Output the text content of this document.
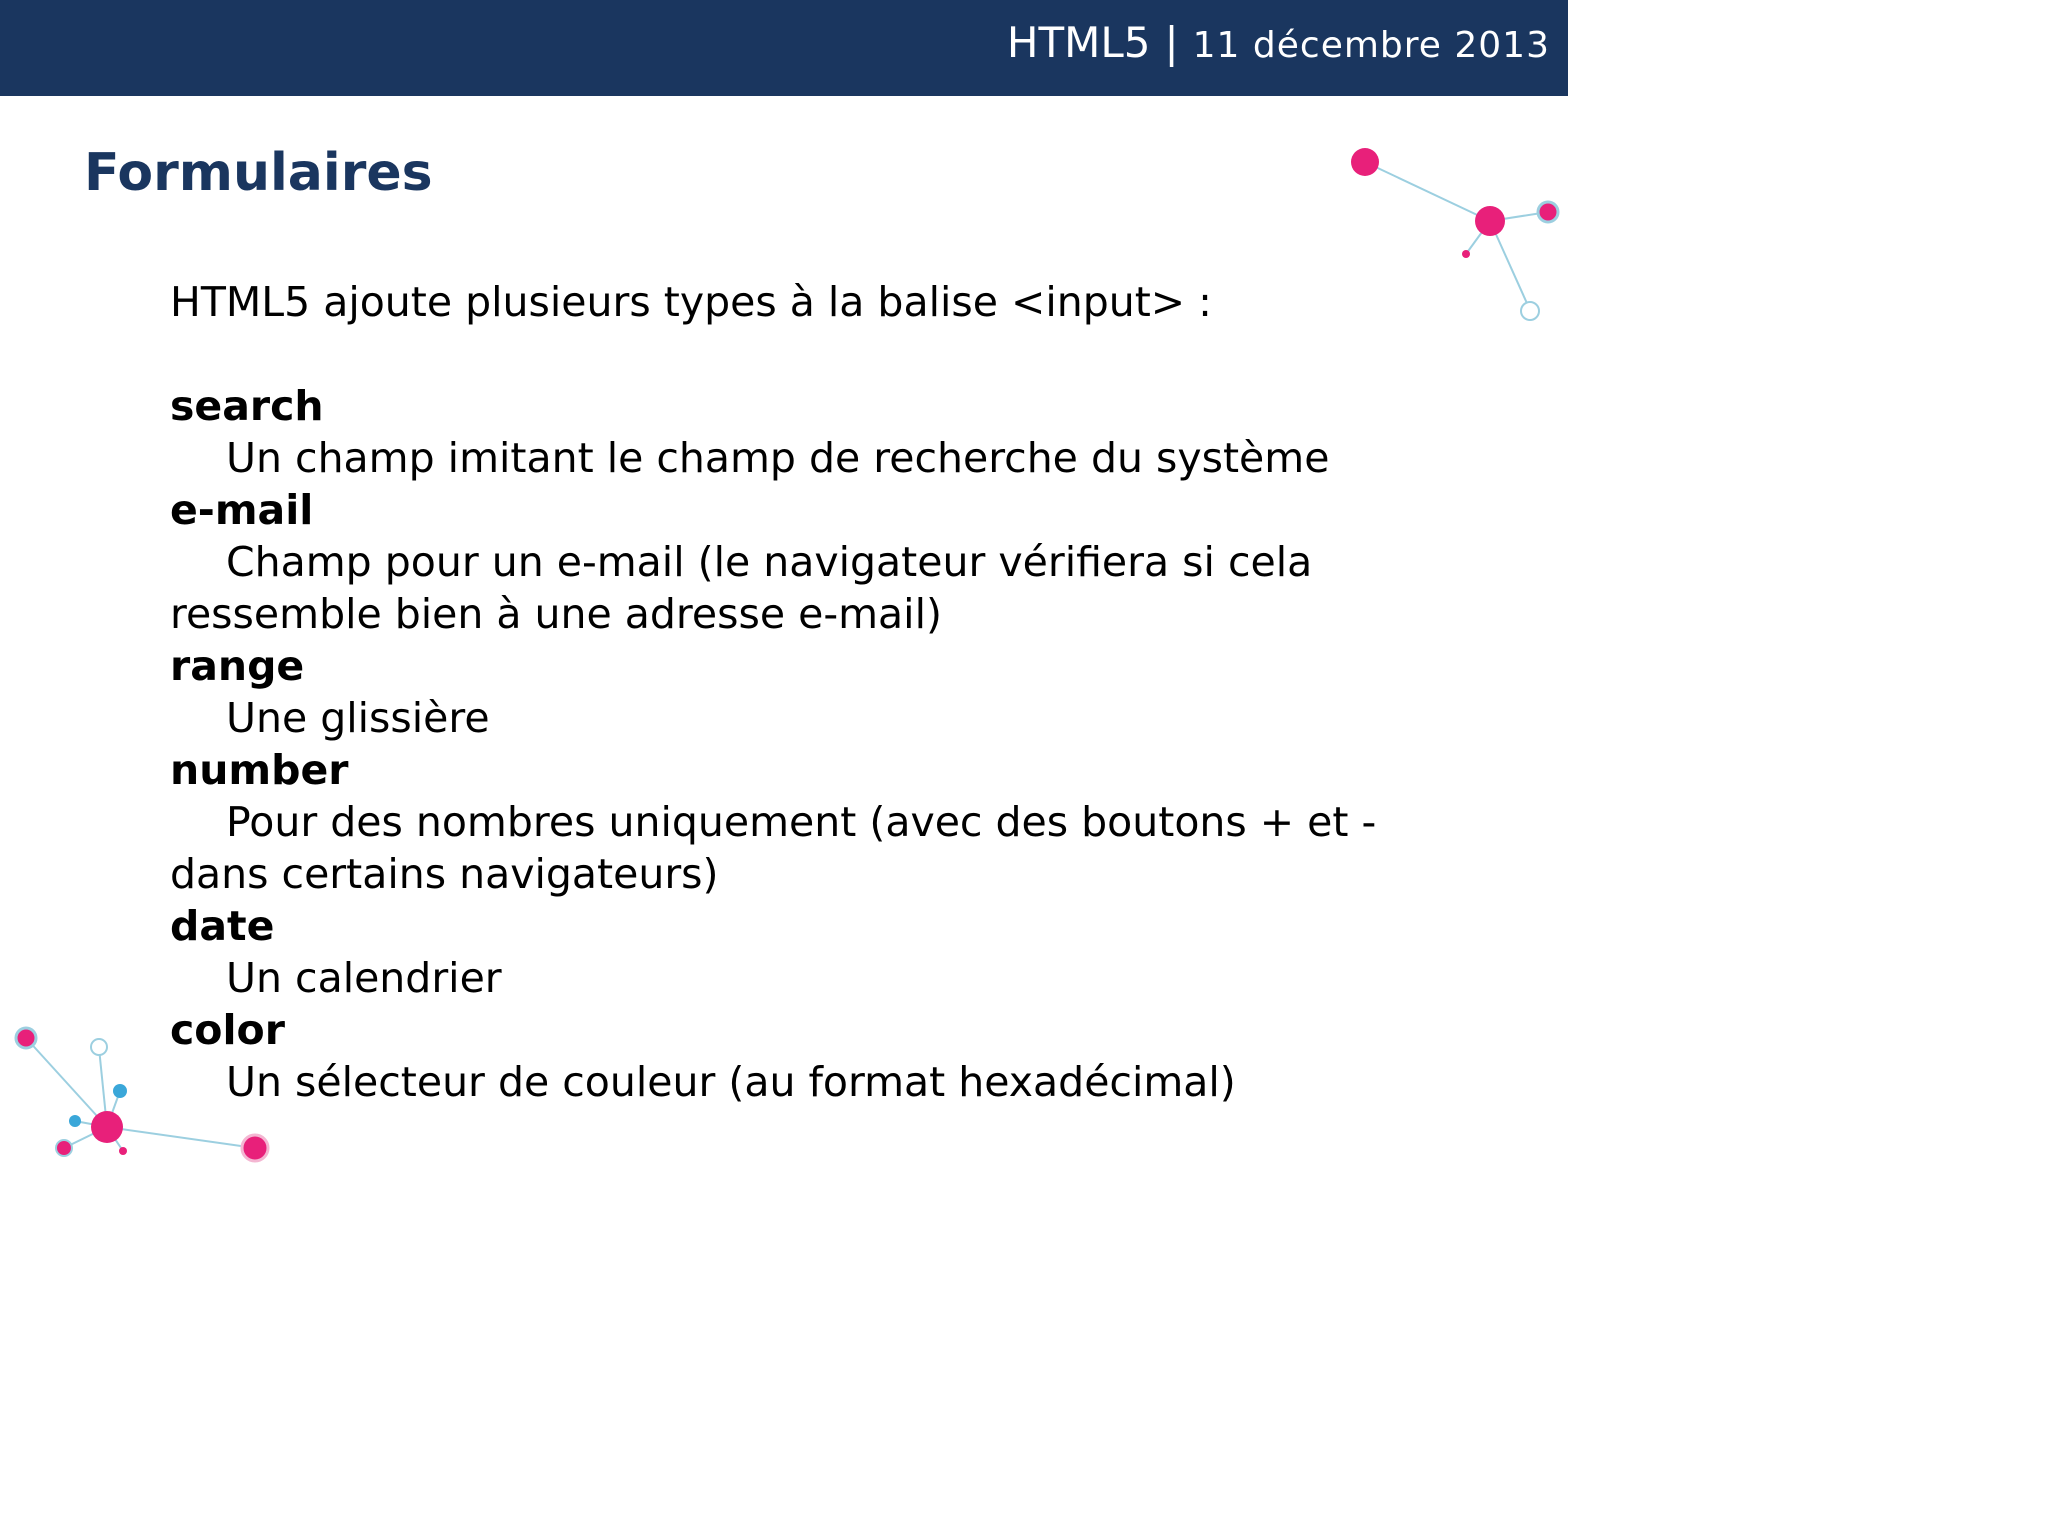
HTML5 | 11 décembre 2013
Formulaires

HTML5 ajoute plusieurs types à la balise <input> :

search

Un champ imitant le champ de recherche du système

e-mail

Champ pour un e-mail (le navigateur vérifiera si cela ressemble bien à une adresse e-mail)

range

Une glissière

number

Pour des nombres uniquement (avec des boutons + et - dans certains navigateurs)

date

Un calendrier

color

Un sélecteur de couleur (au format hexadécimal)
